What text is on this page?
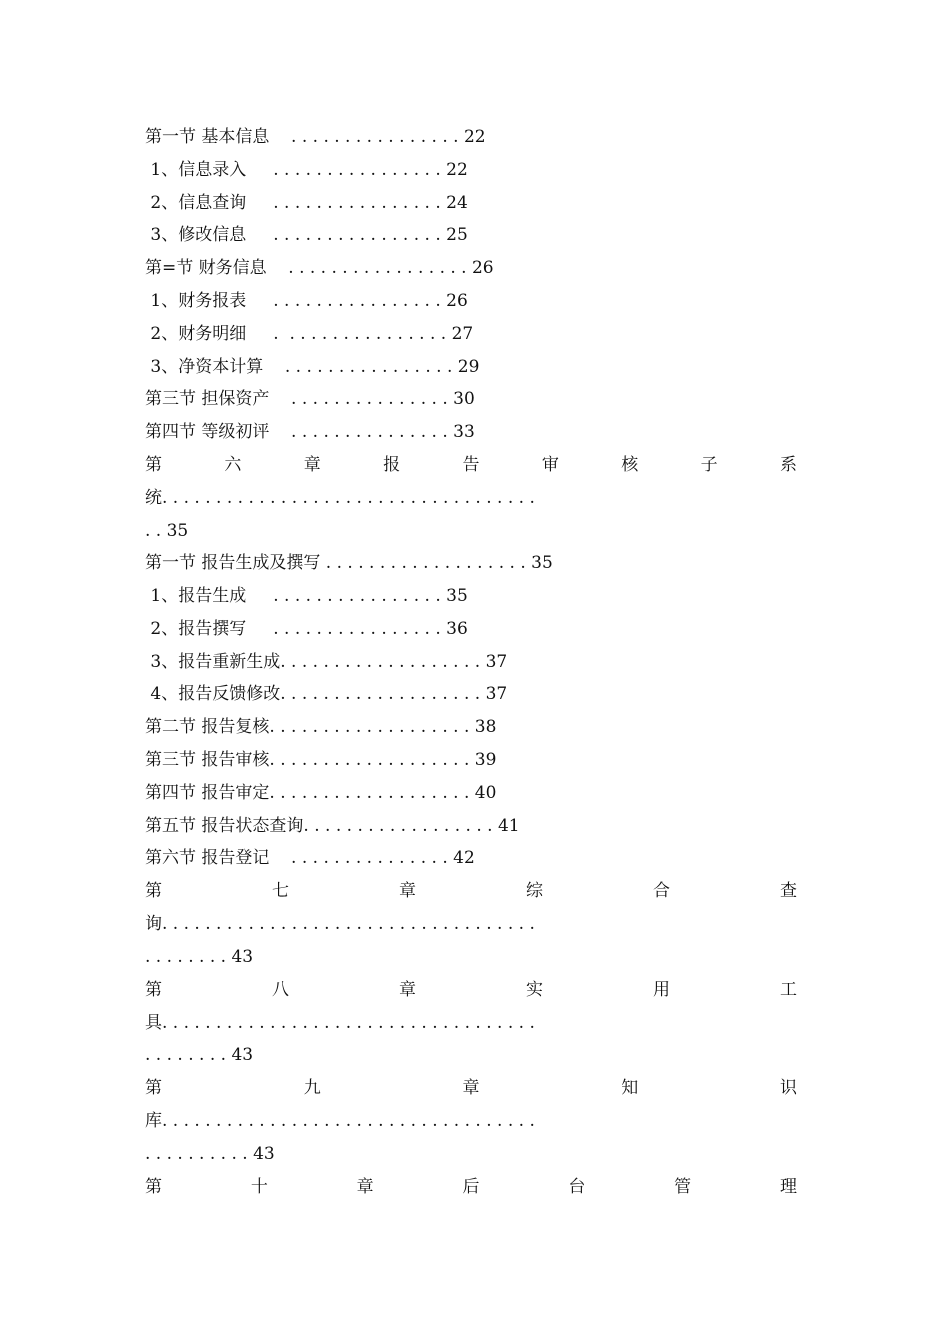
第一节 基本信息    . . . . . . . . . . . . . . . . 22
1、信息录入     . . . . . . . . . . . . . . . . 22
2、信息查询     . . . . . . . . . . . . . . . . 24
3、修改信息     . . . . . . . . . . . . . . . . 25
第=节 财务信息    . . . . . . . . . . . . . . . . . 26
1、财务报表     . . . . . . . . . . . . . . . . 26
2、财务明细     .  . . . . . . . . . . . . . . . 27
3、净资本计算    . . . . . . . . . . . . . . . . 29
第三节 担保资产    . . . . . . . . . . . . . . . 30
第四节 等级初评    . . . . . . . . . . . . . . . 33
第	六	章	报	告	审	核	子	系
统. . . . . . . . . . . . . . . . . . . . . . . . . . . . . . . . . . .
. . 35
第一节 报告生成及撰写 . . . . . . . . . . . . . . . . . . . 35
1、报告生成     . . . . . . . . . . . . . . . . 35
2、报告撰写     . . . . . . . . . . . . . . . . 36
3、报告重新生成. . . . . . . . . . . . . . . . . . . 37
4、报告反馈修改. . . . . . . . . . . . . . . . . . . 37
第二节 报告复核. . . . . . . . . . . . . . . . . . . 38
第三节 报告审核. . . . . . . . . . . . . . . . . . . 39
第四节 报告审定. . . . . . . . . . . . . . . . . . . 40
第五节 报告状态查询. . . . . . . . . . . . . . . . . . 41
第六节 报告登记    . . . . . . . . . . . . . . . 42
第	七	章	综	合	查
询. . . . . . . . . . . . . . . . . . . . . . . . . . . . . . . . . . .
. . . . . . . . 43
第	八	章	实	用	工
具. . . . . . . . . . . . . . . . . . . . . . . . . . . . . . . . . . .
. . . . . . . . 43
第	九	章	知	识
库. . . . . . . . . . . . . . . . . . . . . . . . . . . . . . . . . . .
. . . . . . . . . . 43
第	十	章	后	台	管	理
